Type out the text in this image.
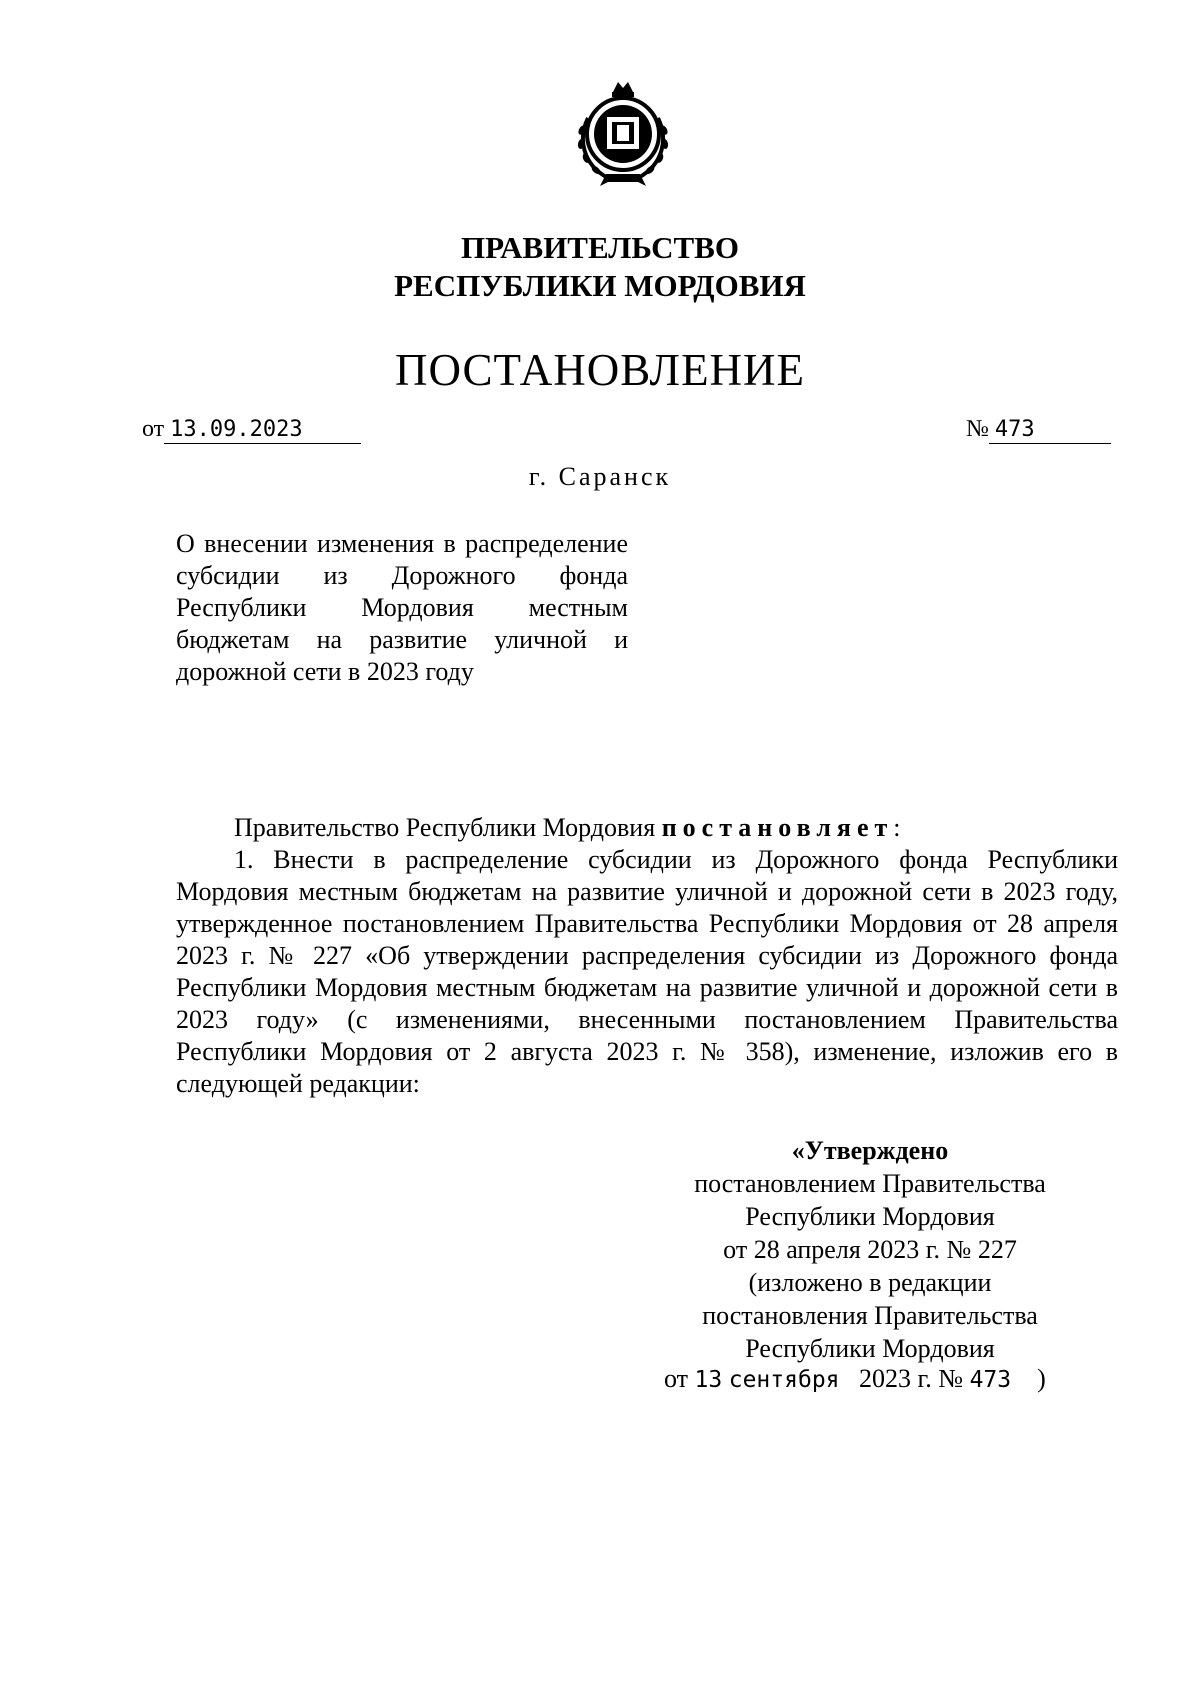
ПРАВИТЕЛЬСТВО
РЕСПУБЛИКИ МОРДОВИЯ
ПОСТАНОВЛЕНИЕ
от 13.09.2023	№ 473
г. Саранск
О внесении изменения в распределение субсидии из Дорожного фонда Республики Мордовия местным бюджетам на развитие уличной и дорожной сети в 2023 году

Правительство Республики Мордовия постановляет:

1. Внести в распределение субсидии из Дорожного фонда Республики Мордовия местным бюджетам на развитие уличной и дорожной сети в 2023 году, утвержденное постановлением Правительства Республики Мордовия от 28 апреля 2023 г. № 227 «Об утверждении распределения субсидии из Дорожного фонда Республики Мордовия местным бюджетам на развитие уличной и дорожной сети в 2023 году» (с изменениями, внесенными постановлением Правительства Республики Мордовия от 2 августа 2023 г. № 358), изменение, изложив его в следующей редакции:

«Утверждено
постановлением Правительства
Республики Мордовия
от 28 апреля 2023 г. № 227
(изложено в редакции
постановления Правительства
Республики Мордовия
от 13 сентября 2023 г. № 473 )
